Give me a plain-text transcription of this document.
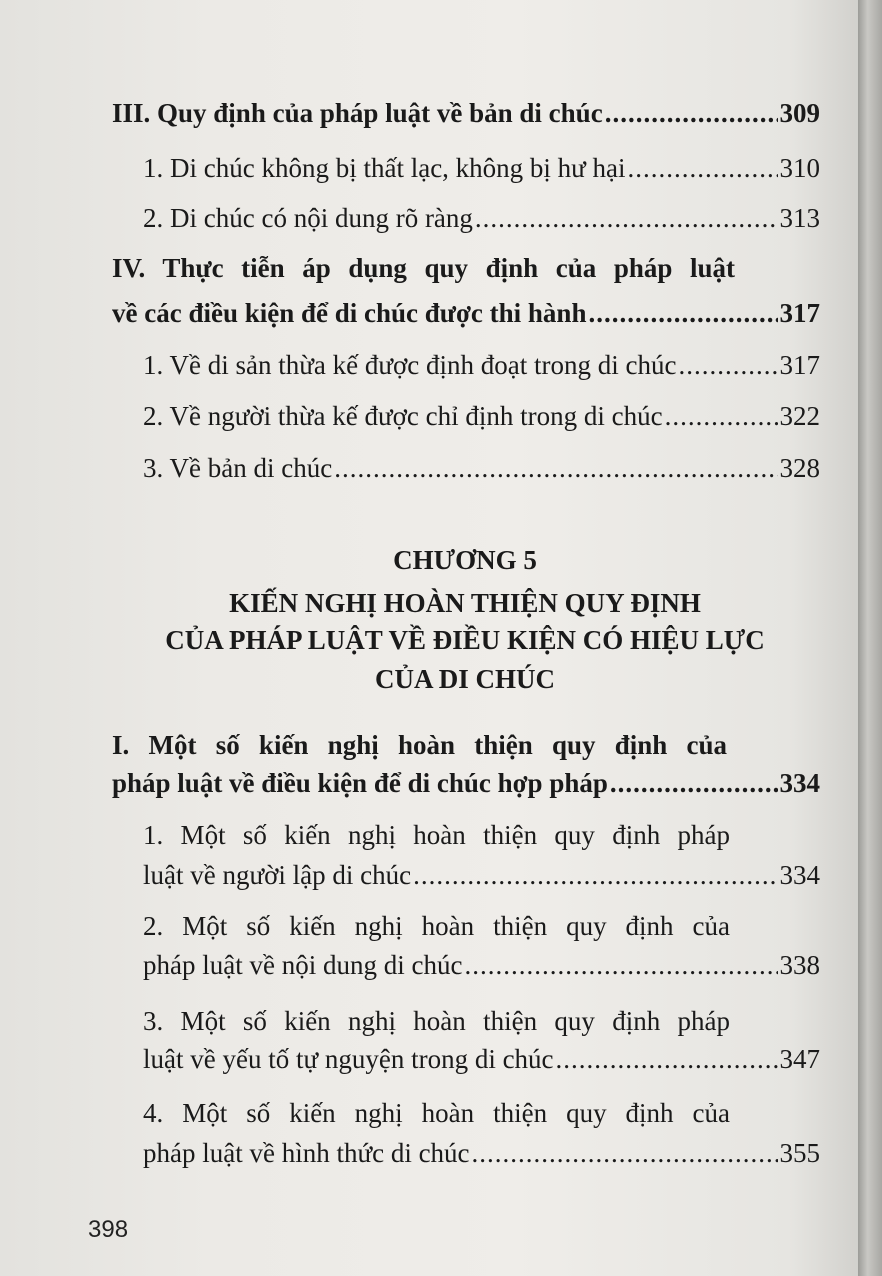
III. Quy định của pháp luật về bản di chúc .....	309
1. Di chúc không bị thất lạc, không bị hư hại .....	310
2. Di chúc có nội dung rõ ràng .....	313
IV. Thực tiễn áp dụng quy định của pháp luật
về các điều kiện để di chúc được thi hành .....	317
1. Về di sản thừa kế được định đoạt trong di chúc .....	317
2. Về người thừa kế được chỉ định trong di chúc .....	322
3. Về bản di chúc .....	328
CHƯƠNG 5
KIẾN NGHỊ HOÀN THIỆN QUY ĐỊNH
CỦA PHÁP LUẬT VỀ ĐIỀU KIỆN CÓ HIỆU LỰC
CỦA DI CHÚC
I. Một số kiến nghị hoàn thiện quy định của
pháp luật về điều kiện để di chúc hợp pháp .....	334
1. Một số kiến nghị hoàn thiện quy định pháp
luật về người lập di chúc .....	334
2. Một số kiến nghị hoàn thiện quy định của
pháp luật về nội dung di chúc .....	338
3. Một số kiến nghị hoàn thiện quy định pháp
luật về yếu tố tự nguyện trong di chúc .....	347
4. Một số kiến nghị hoàn thiện quy định của
pháp luật về hình thức di chúc .....	355
398
